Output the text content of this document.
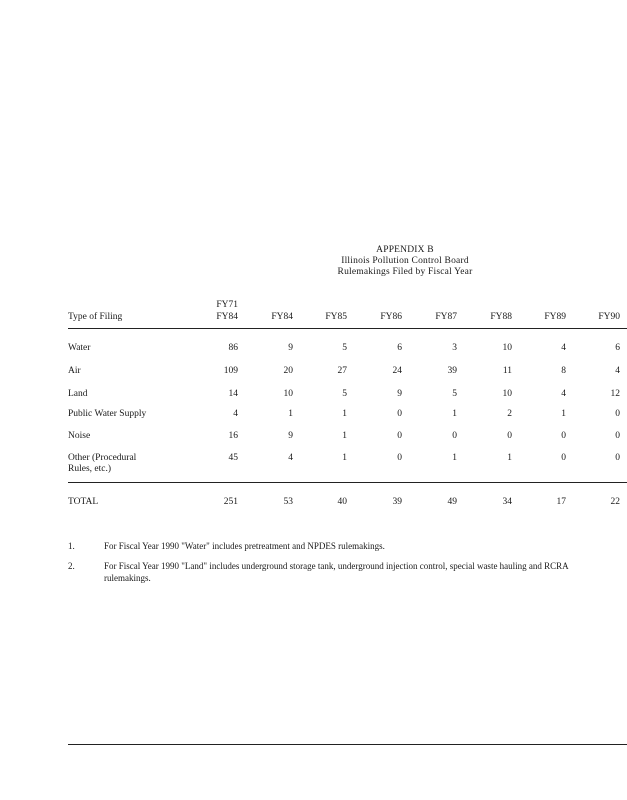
APPENDIX B
Illinois Pollution Control Board
Rulemakings Filed by Fiscal Year
Type of Filing
FY71
FY84	FY84	FY85	FY86	FY87	FY88	FY89	FY90
Water	86	9	5	6	3	10	4	6
Air	109	20	27	24	39	11	8	4
Land	14	10	5	9	5	10	4	12
Public Water Supply	4	1	1	0	1	2	1	0
Noise	16	9	1	0	0	0	0	0
Other (Procedural
Rules, etc.)
45	4	1	0	1	1	0	0
TOTAL	251	53	40	39	49	34	17	22
1.	For Fiscal Year 1990 "Water" includes pretreatment and NPDES rulemakings.
2.	For Fiscal Year 1990 "Land" includes underground storage tank, underground injection control, special waste hauling and RCRA
rulemakings.
